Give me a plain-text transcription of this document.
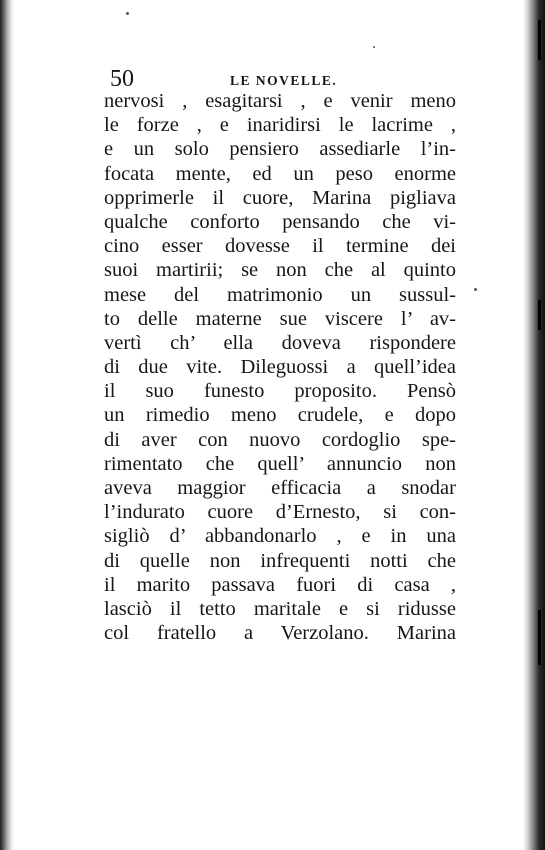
50	LE NOVELLE.
nervosi , esagitarsi , e venir meno
le forze , e inaridirsi le lacrime ,
e un solo pensiero assediarle l’in-
focata mente, ed un peso enorme
opprimerle il cuore, Marina pigliava
qualche conforto pensando che vi-
cino esser dovesse il termine dei
suoi martirii; se non che al quinto
mese del matrimonio un sussul-
to delle materne sue viscere l’ av-
vertì ch’ ella doveva rispondere
di due vite. Dileguossi a quell’idea
il suo funesto proposito. Pensò
un rimedio meno crudele, e dopo
di aver con nuovo cordoglio spe-
rimentato che quell’ annuncio non
aveva maggior efficacia a snodar
l’indurato cuore d’Ernesto, si con-
sigliò d’ abbandonarlo , e in una
di quelle non infrequenti notti che
il marito passava fuori di casa ,
lasciò il tetto maritale e si ridusse
col fratello a Verzolano. Marina
